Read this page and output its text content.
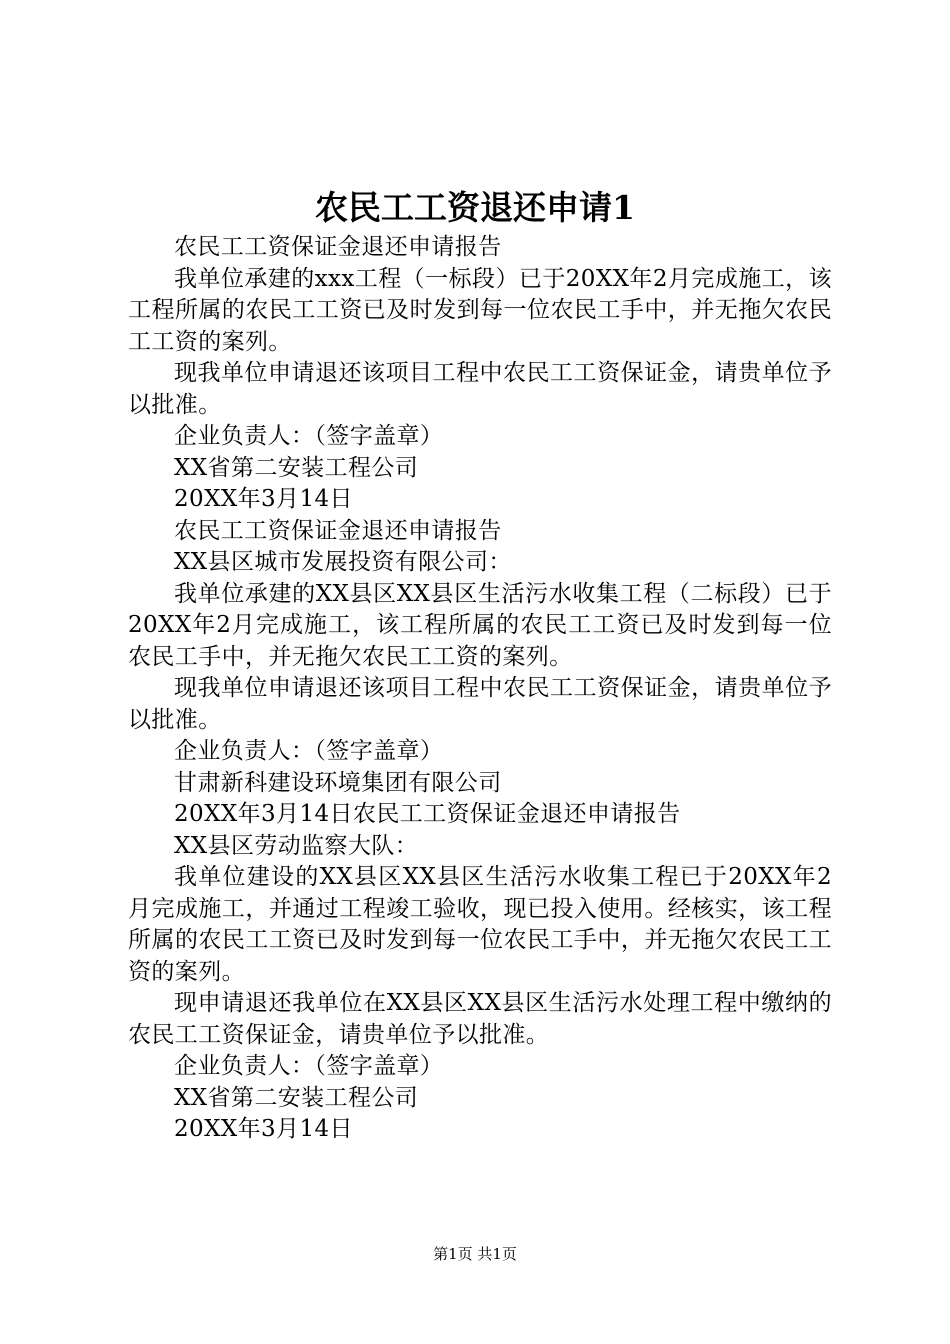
农民工工资退还申请1

农民工工资保证金退还申请报告

我单位承建的xxx工程（一标段）已于20XX年2月完成施工，该工程所属的农民工工资已及时发到每一位农民工手中，并无拖欠农民工工资的案列。

现我单位申请退还该项目工程中农民工工资保证金，请贵单位予以批准。

企业负责人：（签字盖章）

XX省第二安装工程公司

20XX年3月14日

农民工工资保证金退还申请报告

XX县区城市发展投资有限公司：

我单位承建的XX县区XX县区生活污水收集工程（二标段）已于20XX年2月完成施工，该工程所属的农民工工资已及时发到每一位农民工手中，并无拖欠农民工工资的案列。

现我单位申请退还该项目工程中农民工工资保证金，请贵单位予以批准。

企业负责人：（签字盖章）

甘肃新科建设环境集团有限公司

20XX年3月14日农民工工资保证金退还申请报告

XX县区劳动监察大队：

我单位建设的XX县区XX县区生活污水收集工程已于20XX年2月完成施工，并通过工程竣工验收，现已投入使用。经核实，该工程所属的农民工工资已及时发到每一位农民工手中，并无拖欠农民工工资的案列。

现申请退还我单位在XX县区XX县区生活污水处理工程中缴纳的农民工工资保证金，请贵单位予以批准。

企业负责人：（签字盖章）

XX省第二安装工程公司

20XX年3月14日

第1页 共1页
